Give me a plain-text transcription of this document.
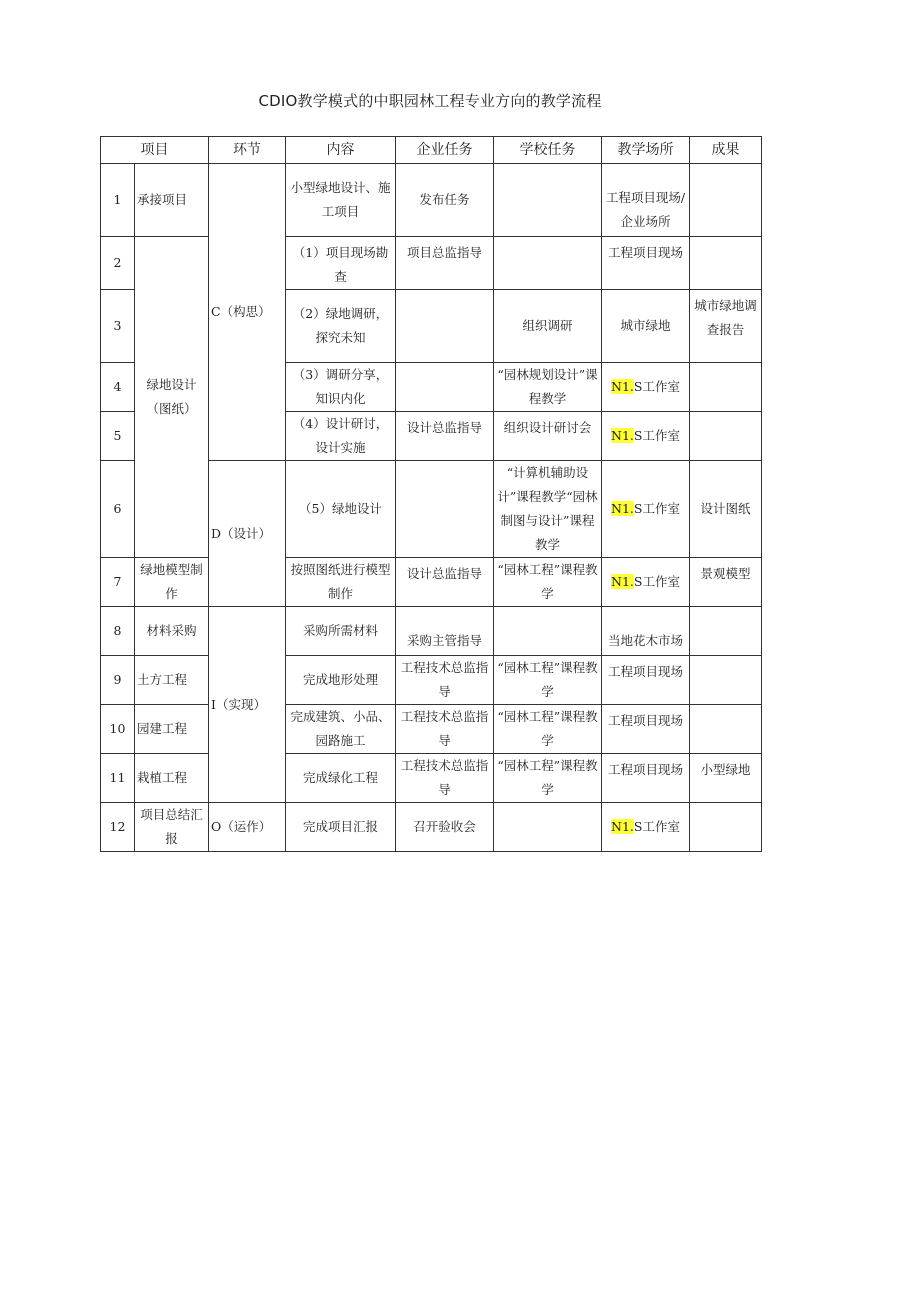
CDIO教学模式的中职园林工程专业方向的教学流程
项目		环节	内容	企业任务	学校任务	教学场所	成果
1	承接项目	C（构思）	小型绿地设计、施工项目	发布任务		工程项目现场/企业场所	
2	绿地设计（图纸）		（1）项目现场勘查	项目总监指导		工程项目现场	
3			（2）绿地调研，探究未知		组织调研	城市绿地	城市绿地调查报告
4			（3）调研分享，知识内化		“园林规划设计”课程教学	N1.S工作室	
5			（4）设计研讨，设计实施	设计总监指导	组织设计研讨会	N1.S工作室	
6		D（设计）	（5）绿地设计		“计算机辅助设计”课程教学“园林制图与设计”课程教学	N1.S工作室	设计图纸
7	绿地模型制作		按照图纸进行模型制作	设计总监指导	“园林工程”课程教学	N1.S工作室	景观模型
8	材料采购	I（实现）	采购所需材料	采购主管指导		当地花木市场	
9	土方工程		完成地形处理	工程技术总监指导	“园林工程”课程教学	工程项目现场	
10	园建工程		完成建筑、小品、园路施工	工程技术总监指导	“园林工程”课程教学	工程项目现场	
11	栽植工程		完成绿化工程	工程技术总监指导	“园林工程”课程教学	工程项目现场	小型绿地
12	项目总结汇报	O（运作）	完成项目汇报	召开验收会		N1.S工作室	
